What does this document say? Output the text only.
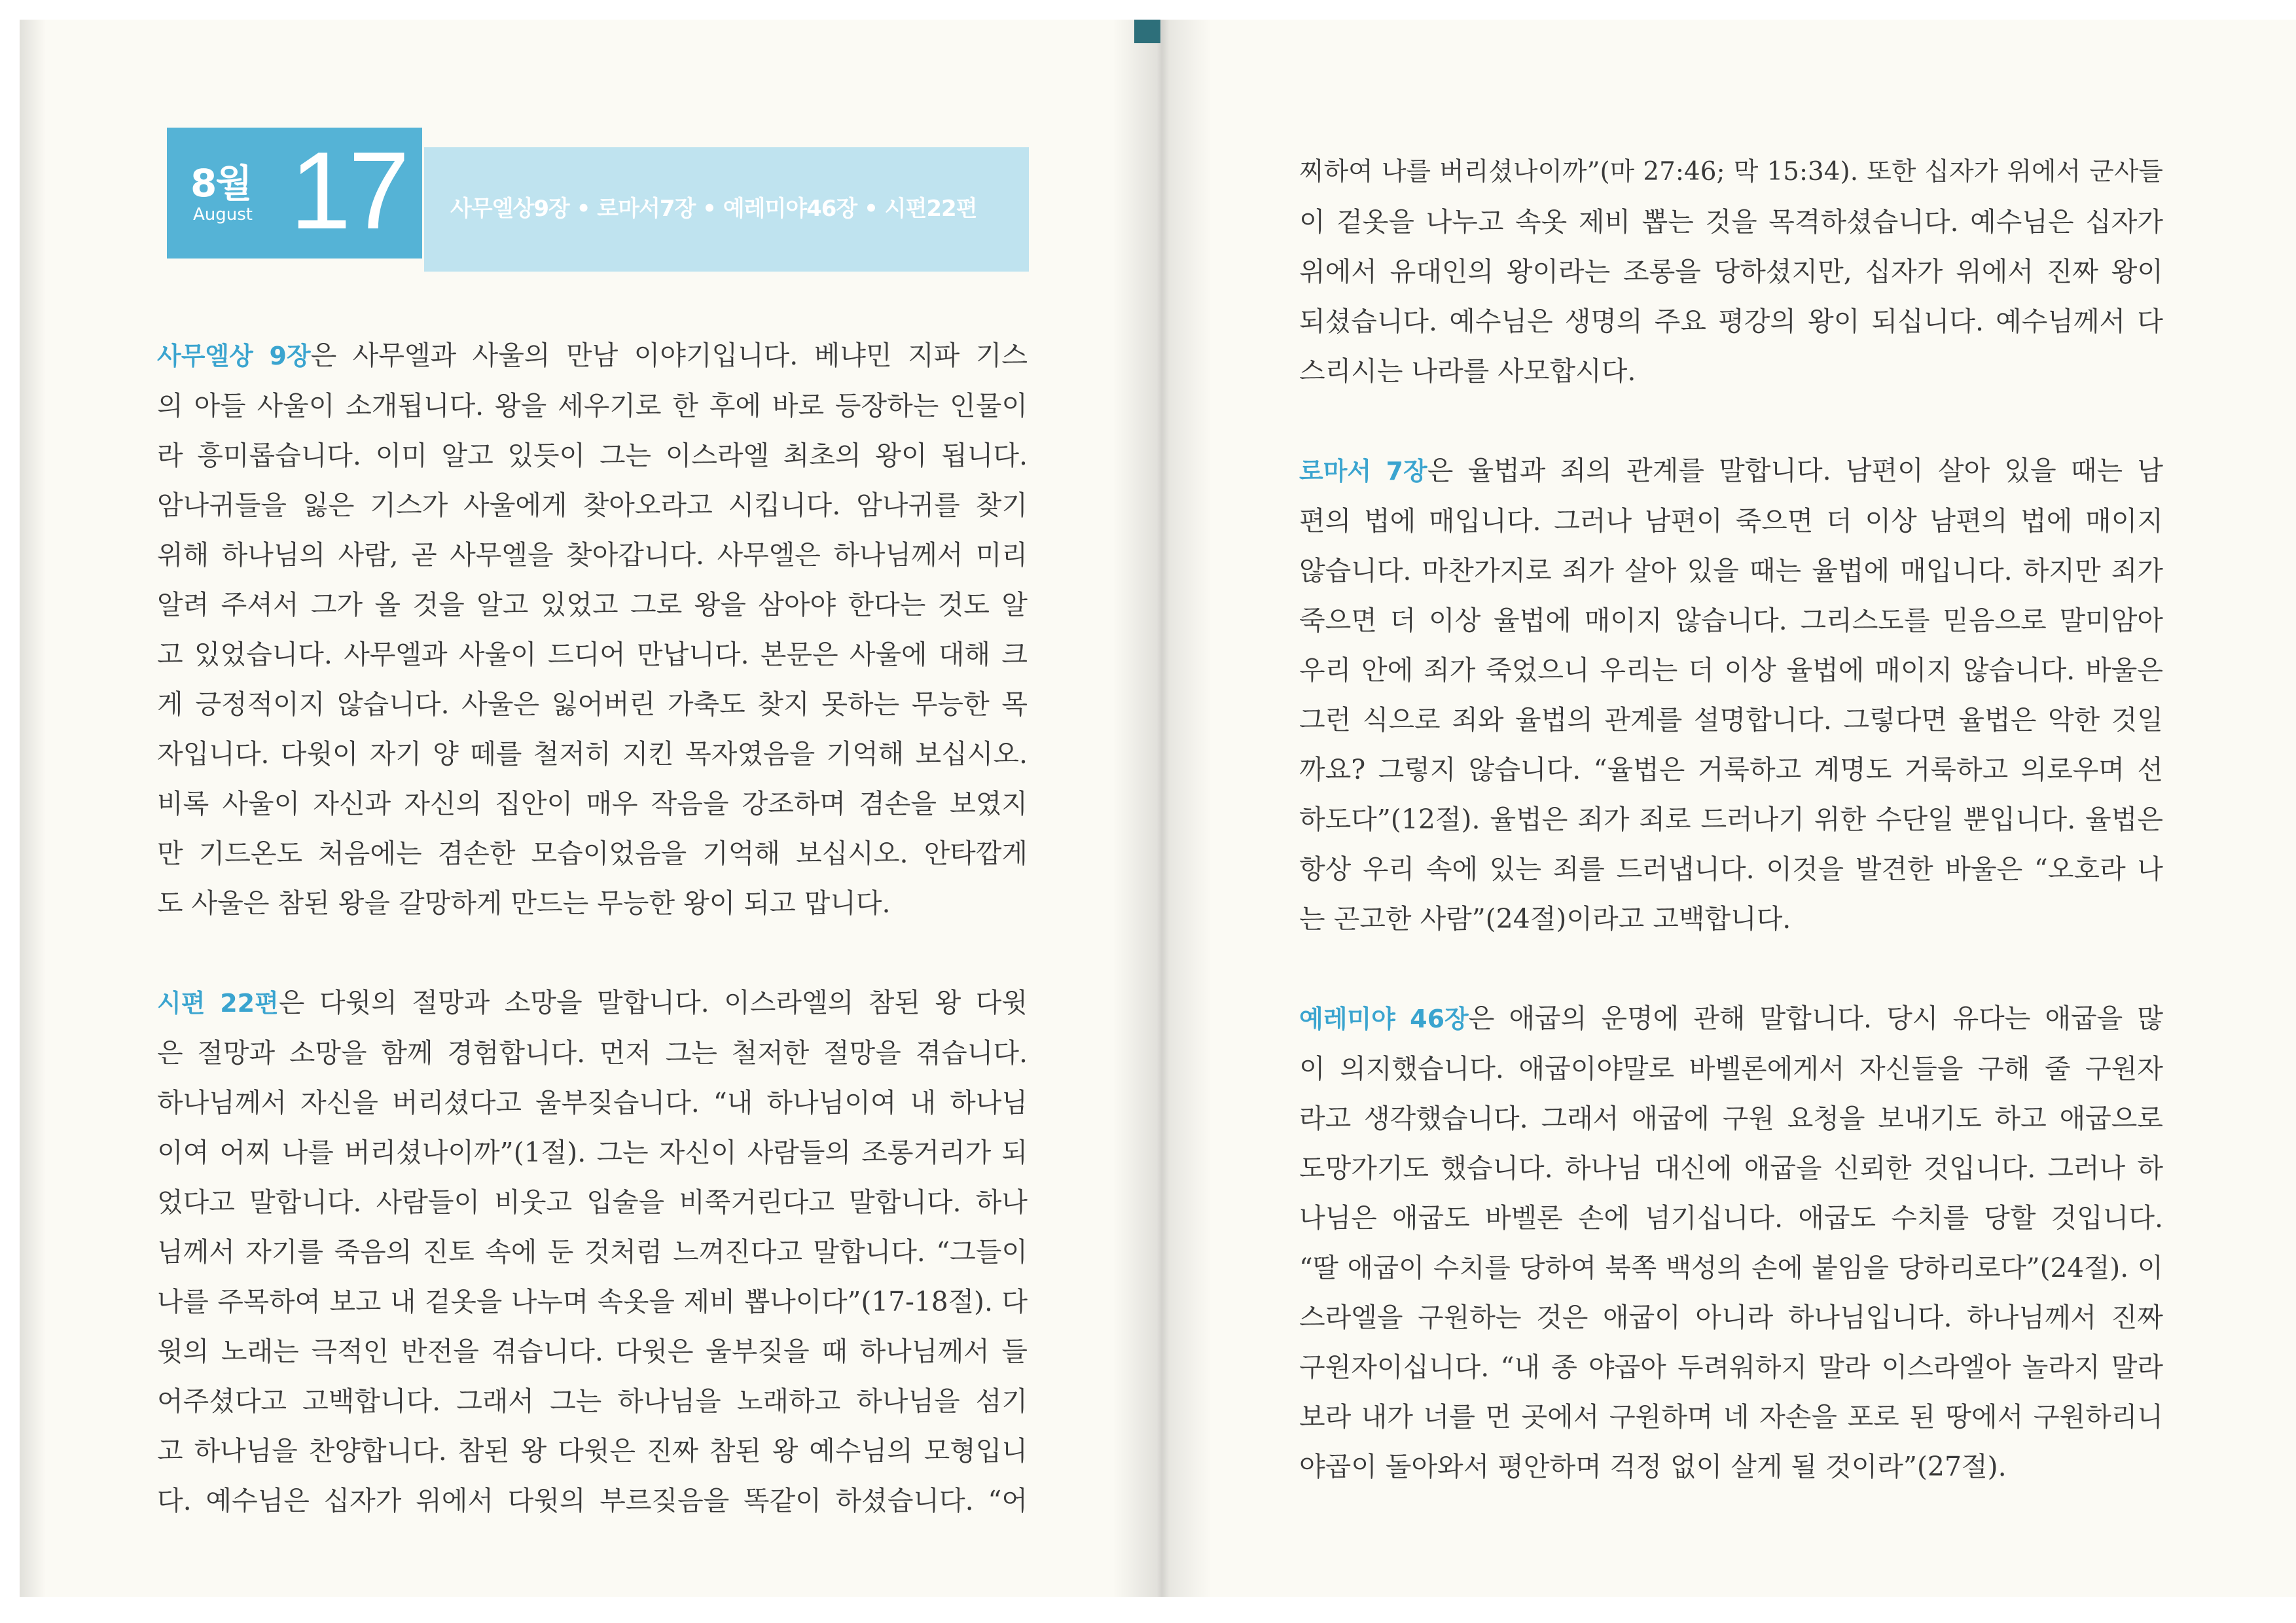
8월
August 17 사무엘상9장 • 로마서7장 • 예레미야46장 • 시편22편
사무엘상 9장은 사무엘과 사울의 만남 이야기입니다. 베냐민 지파 기스
의 아들 사울이 소개됩니다. 왕을 세우기로 한 후에 바로 등장하는 인물이
라 흥미롭습니다. 이미 알고 있듯이 그는 이스라엘 최초의 왕이 됩니다.
암나귀들을 잃은 기스가 사울에게 찾아오라고 시킵니다. 암나귀를 찾기
위해 하나님의 사람, 곧 사무엘을 찾아갑니다. 사무엘은 하나님께서 미리
알려 주셔서 그가 올 것을 알고 있었고 그로 왕을 삼아야 한다는 것도 알
고 있었습니다. 사무엘과 사울이 드디어 만납니다. 본문은 사울에 대해 크
게 긍정적이지 않습니다. 사울은 잃어버린 가축도 찾지 못하는 무능한 목
자입니다. 다윗이 자기 양 떼를 철저히 지킨 목자였음을 기억해 보십시오.
비록 사울이 자신과 자신의 집안이 매우 작음을 강조하며 겸손을 보였지
만 기드온도 처음에는 겸손한 모습이었음을 기억해 보십시오. 안타깝게
도 사울은 참된 왕을 갈망하게 만드는 무능한 왕이 되고 맙니다.
시편 22편은 다윗의 절망과 소망을 말합니다. 이스라엘의 참된 왕 다윗
은 절망과 소망을 함께 경험합니다. 먼저 그는 철저한 절망을 겪습니다.
하나님께서 자신을 버리셨다고 울부짖습니다. “내 하나님이여 내 하나님
이여 어찌 나를 버리셨나이까”(1절). 그는 자신이 사람들의 조롱거리가 되
었다고 말합니다. 사람들이 비웃고 입술을 비쭉거린다고 말합니다. 하나
님께서 자기를 죽음의 진토 속에 둔 것처럼 느껴진다고 말합니다. “그들이
나를 주목하여 보고 내 겉옷을 나누며 속옷을 제비 뽑나이다”(17-18절). 다
윗의 노래는 극적인 반전을 겪습니다. 다윗은 울부짖을 때 하나님께서 들
어주셨다고 고백합니다. 그래서 그는 하나님을 노래하고 하나님을 섬기
고 하나님을 찬양합니다. 참된 왕 다윗은 진짜 참된 왕 예수님의 모형입니
다. 예수님은 십자가 위에서 다윗의 부르짖음을 똑같이 하셨습니다. “어
찌하여 나를 버리셨나이까”(마 27:46; 막 15:34). 또한 십자가 위에서 군사들
이 겉옷을 나누고 속옷 제비 뽑는 것을 목격하셨습니다. 예수님은 십자가
위에서 유대인의 왕이라는 조롱을 당하셨지만, 십자가 위에서 진짜 왕이
되셨습니다. 예수님은 생명의 주요 평강의 왕이 되십니다. 예수님께서 다
스리시는 나라를 사모합시다.
로마서 7장은 율법과 죄의 관계를 말합니다. 남편이 살아 있을 때는 남
편의 법에 매입니다. 그러나 남편이 죽으면 더 이상 남편의 법에 매이지
않습니다. 마찬가지로 죄가 살아 있을 때는 율법에 매입니다. 하지만 죄가
죽으면 더 이상 율법에 매이지 않습니다. 그리스도를 믿음으로 말미암아
우리 안에 죄가 죽었으니 우리는 더 이상 율법에 매이지 않습니다. 바울은
그런 식으로 죄와 율법의 관계를 설명합니다. 그렇다면 율법은 악한 것일
까요? 그렇지 않습니다. “율법은 거룩하고 계명도 거룩하고 의로우며 선
하도다”(12절). 율법은 죄가 죄로 드러나기 위한 수단일 뿐입니다. 율법은
항상 우리 속에 있는 죄를 드러냅니다. 이것을 발견한 바울은 “오호라 나
는 곤고한 사람”(24절)이라고 고백합니다.
예레미야 46장은 애굽의 운명에 관해 말합니다. 당시 유다는 애굽을 많
이 의지했습니다. 애굽이야말로 바벨론에게서 자신들을 구해 줄 구원자
라고 생각했습니다. 그래서 애굽에 구원 요청을 보내기도 하고 애굽으로
도망가기도 했습니다. 하나님 대신에 애굽을 신뢰한 것입니다. 그러나 하
나님은 애굽도 바벨론 손에 넘기십니다. 애굽도 수치를 당할 것입니다.
“딸 애굽이 수치를 당하여 북쪽 백성의 손에 붙임을 당하리로다”(24절). 이
스라엘을 구원하는 것은 애굽이 아니라 하나님입니다. 하나님께서 진짜
구원자이십니다. “내 종 야곱아 두려워하지 말라 이스라엘아 놀라지 말라
보라 내가 너를 먼 곳에서 구원하며 네 자손을 포로 된 땅에서 구원하리니
야곱이 돌아와서 평안하며 걱정 없이 살게 될 것이라”(27절).
